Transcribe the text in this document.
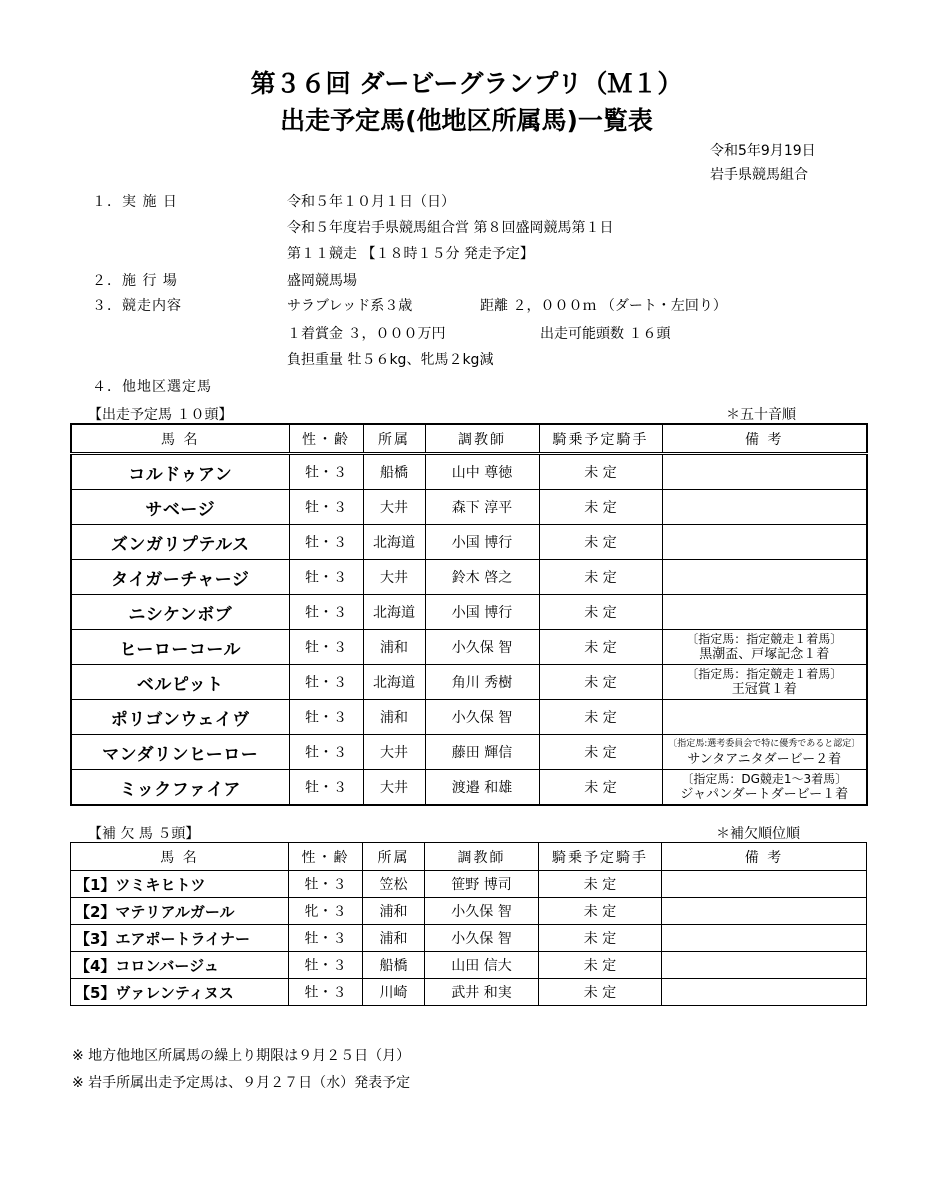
第３６回 ダービーグランプリ（Ｍ１）
出走予定馬(他地区所属馬)一覧表
令和5年9月19日
岩手県競馬組合
１．実 施 日	令和５年１０月１日（日）
令和５年度岩手県競馬組合営 第８回盛岡競馬第１日
第１１競走 【１８時１５分 発走予定】
２．施 行 場	盛岡競馬場
３．競走内容	サラブレッド系３歳	距離 ２，０００ｍ （ダート・左回り）
１着賞金 ３，０００万円	出走可能頭数 １６頭
負担重量 牡５６kg、牝馬２kg減
４．他地区選定馬
【出走予定馬 １０頭】	＊五十音順
馬 名	性・齢	所属	調教師	騎乗予定騎手	備 考
コルドゥアン	牡・３	船橋	山中 尊徳	未 定	

サベージ	牡・３	大井	森下 淳平	未 定	

ズンガリプテルス	牡・３	北海道	小国 博行	未 定	

タイガーチャージ	牡・３	大井	鈴木 啓之	未 定	

ニシケンボブ	牡・３	北海道	小国 博行	未 定	

ヒーローコール	牡・３	浦和	小久保 智	未 定	〔指定馬：指定競走１着馬〕
黒潮盃、戸塚記念１着

ベルピット	牡・３	北海道	角川 秀樹	未 定	〔指定馬：指定競走１着馬〕
王冠賞１着

ポリゴンウェイヴ	牡・３	浦和	小久保 智	未 定	

マンダリンヒーロー	牡・３	大井	藤田 輝信	未 定	〔指定馬:選考委員会で特に優秀であると認定〕
サンタアニタダービー２着

ミックファイア	牡・３	大井	渡邉 和雄	未 定	〔指定馬：DG競走1～3着馬〕
ジャパンダートダービー１着
【補 欠 馬 ５頭】	＊補欠順位順
馬 名	性・齢	所属	調教師	騎乗予定騎手	備 考
【1】ツミキヒトツ	牡・３	笠松	笹野 博司	未 定	
【2】マテリアルガール	牝・３	浦和	小久保 智	未 定	
【3】エアポートライナー	牡・３	浦和	小久保 智	未 定	
【4】コロンバージュ	牡・３	船橋	山田 信大	未 定	
【5】ヴァレンティヌス	牡・３	川崎	武井 和実	未 定	
※ 地方他地区所属馬の繰上り期限は９月２５日（月）
※ 岩手所属出走予定馬は、９月２７日（水）発表予定
